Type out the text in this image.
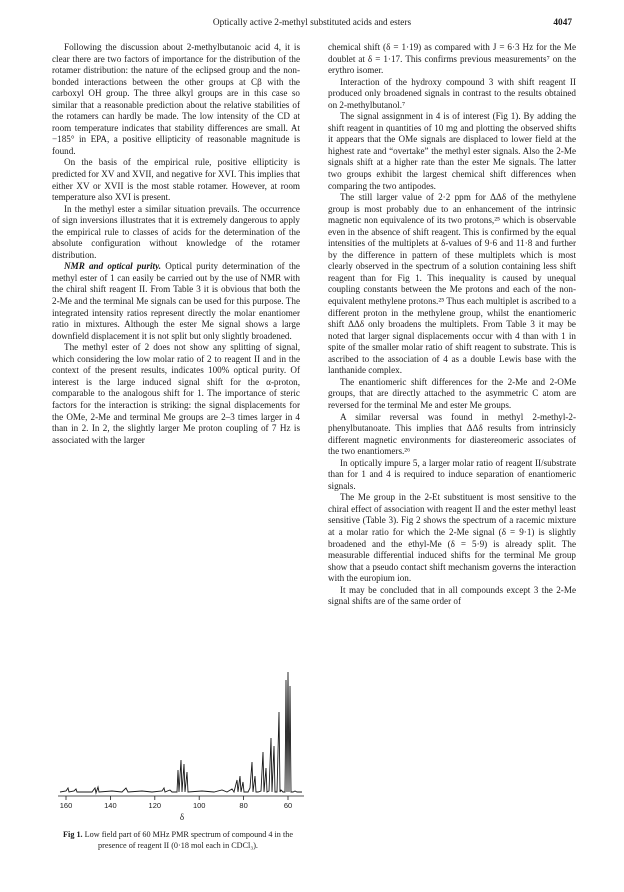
Optically active 2-methyl substituted acids and esters	4047

Following the discussion about 2-methylbutanoic acid 4, it is clear there are two factors of importance for the distribution of the rotamer distribution: the nature of the eclipsed group and the non-bonded interactions between the other groups at Cβ with the carboxyl OH group. The three alkyl groups are in this case so similar that a reasonable prediction about the relative stabilities of the rotamers can hardly be made. The low intensity of the CD at room temperature indicates that stability differences are small. At −185° in EPA, a positive ellipticity of reasonable magnitude is found.

On the basis of the empirical rule, positive ellipticity is predicted for XV and XVII, and negative for XVI. This implies that either XV or XVII is the most stable rotamer. However, at room temperature also XVI is present.

In the methyl ester a similar situation prevails. The occurrence of sign inversions illustrates that it is extremely dangerous to apply the empirical rule to classes of acids for the determination of the absolute configuration without knowledge of the rotamer distribution.

NMR and optical purity. Optical purity determination of the methyl ester of 1 can easily be carried out by the use of NMR with the chiral shift reagent II. From Table 3 it is obvious that both the 2-Me and the terminal Me signals can be used for this purpose. The integrated intensity ratios represent directly the molar enantiomer ratio in mixtures. Although the ester Me signal shows a large downfield displacement it is not split but only slightly broadened.

The methyl ester of 2 does not show any splitting of signal, which considering the low molar ratio of 2 to reagent II and in the context of the present results, indicates 100% optical purity. Of interest is the large induced signal shift for the α-proton, comparable to the analogous shift for 1. The importance of steric factors for the interaction is striking: the signal displacements for the OMe, 2-Me and terminal Me groups are 2–3 times larger in 4 than in 2. In 2, the slightly larger Me proton coupling of 7 Hz is associated with the larger

chemical shift (δ = 1·19) as compared with J = 6·3 Hz for the Me doublet at δ = 1·17. This confirms previous measurements⁷ on the erythro isomer.

Interaction of the hydroxy compound 3 with shift reagent II produced only broadened signals in contrast to the results obtained on 2-methylbutanol.⁷

The signal assignment in 4 is of interest (Fig 1). By adding the shift reagent in quantities of 10 mg and plotting the observed shifts it appears that the OMe signals are displaced to lower field at the highest rate and “overtake” the methyl ester signals. Also the 2-Me signals shift at a higher rate than the ester Me signals. The latter two groups exhibit the largest chemical shift differences when comparing the two antipodes.

The still larger value of 2·2 ppm for ΔΔδ of the methylene group is most probably due to an enhancement of the intrinsic magnetic non equivalence of its two protons,²⁵ which is observable even in the absence of shift reagent. This is confirmed by the equal intensities of the multiplets at δ-values of 9·6 and 11·8 and further by the difference in pattern of these multiplets which is most clearly observed in the spectrum of a solution containing less shift reagent than for Fig 1. This inequality is caused by unequal coupling constants between the Me protons and each of the non-equivalent methylene protons.²⁵ Thus each multiplet is ascribed to a different proton in the methylene group, whilst the enantiomeric shift ΔΔδ only broadens the multiplets. From Table 3 it may be noted that larger signal displacements occur with 4 than with 1 in spite of the smaller molar ratio of shift reagent to substrate. This is ascribed to the association of 4 as a double Lewis base with the lanthanide complex.

The enantiomeric shift differences for the 2-Me and 2-OMe groups, that are directly attached to the asymmetric C atom are reversed for the terminal Me and ester Me groups.

A similar reversal was found in methyl 2-methyl-2-phenylbutanoate. This implies that ΔΔδ results from intrinsicly different magnetic environments for diastereomeric associates of the two enantiomers.²⁶

In optically impure 5, a larger molar ratio of reagent II/substrate than for 1 and 4 is required to induce separation of enantiomeric signals.

The Me group in the 2-Et substituent is most sensitive to the chiral effect of association with reagent II and the ester methyl least sensitive (Table 3). Fig 2 shows the spectrum of a racemic mixture at a molar ratio for which the 2-Me signal (δ = 9·1) is slightly broadened and the ethyl-Me (δ = 5·9) is already split. The measurable differential induced shifts for the terminal Me group show that a pseudo contact shift mechanism governs the interaction with the europium ion.

It may be concluded that in all compounds except 3 the 2-Me signal shifts are of the same order of

160	140	120	100	80	60
δ
Fig 1. Low field part of 60 MHz PMR spectrum of compound 4 in the presence of reagent II (0·18 mol each in CDCl₃).
